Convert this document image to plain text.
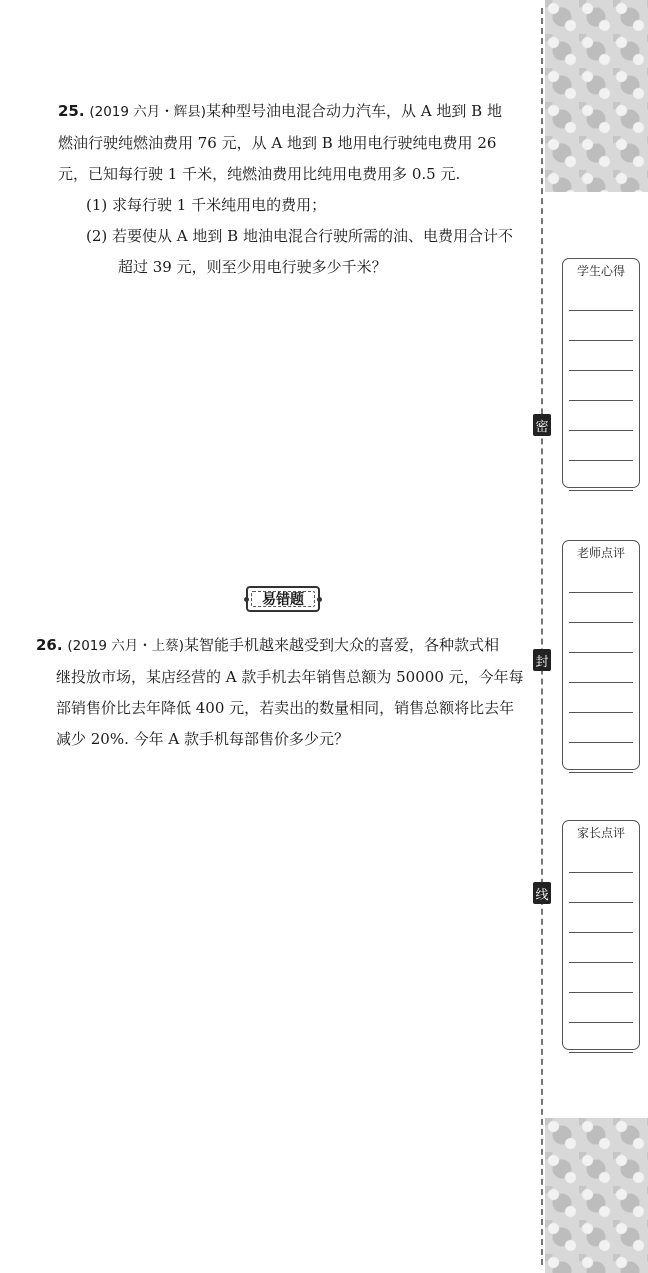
25. (2019 六月・辉县)某种型号油电混合动力汽车，从 A 地到 B 地

燃油行驶纯燃油费用 76 元，从 A 地到 B 地用电行驶纯电费用 26

元，已知每行驶 1 千米，纯燃油费用比纯用电费用多 0.5 元.

(1) 求每行驶 1 千米纯用电的费用；

(2) 若要使从 A 地到 B 地油电混合行驶所需的油、电费用合计不

超过 39 元，则至少用电行驶多少千米？

易错题

26. (2019 六月・上蔡)某智能手机越来越受到大众的喜爱，各种款式相

继投放市场，某店经营的 A 款手机去年销售总额为 50000 元，今年每

部销售价比去年降低 400 元，若卖出的数量相同，销售总额将比去年

减少 20%. 今年 A 款手机每部售价多少元？

密
封
线
学生心得
老师点评
家长点评
